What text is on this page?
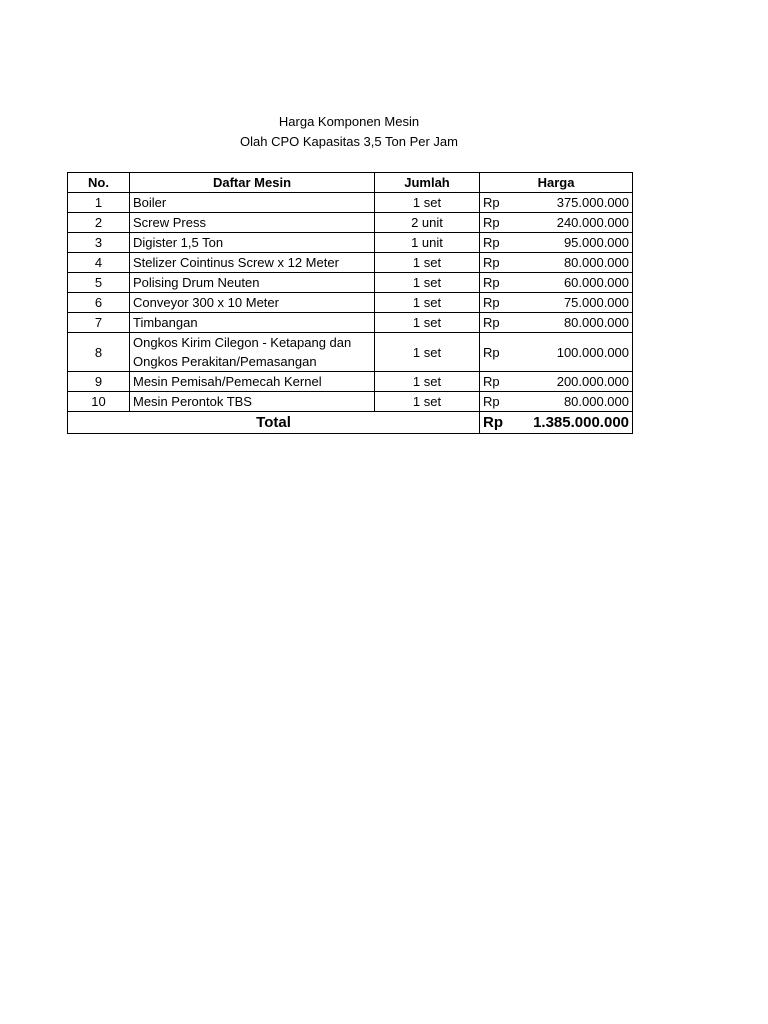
Harga Komponen Mesin
Olah CPO Kapasitas 3,5 Ton Per Jam
No.	Daftar Mesin	Jumlah	Harga	
1	Boiler	1 set	Rp	375.000.000
2	Screw Press	2 unit	Rp	240.000.000
3	Digister 1,5 Ton	1 unit	Rp	95.000.000
4	Stelizer Cointinus Screw x 12 Meter	1 set	Rp	80.000.000
5	Polising Drum Neuten	1 set	Rp	60.000.000
6	Conveyor 300 x 10 Meter	1 set	Rp	75.000.000
7	Timbangan	1 set	Rp	80.000.000
8	Ongkos Kirim Cilegon - Ketapang dan
Ongkos Perakitan/Pemasangan	1 set	Rp	100.000.000
9	Mesin Pemisah/Pemecah Kernel	1 set	Rp	200.000.000
10	Mesin Perontok TBS	1 set	Rp	80.000.000
Total			Rp	1.385.000.000
